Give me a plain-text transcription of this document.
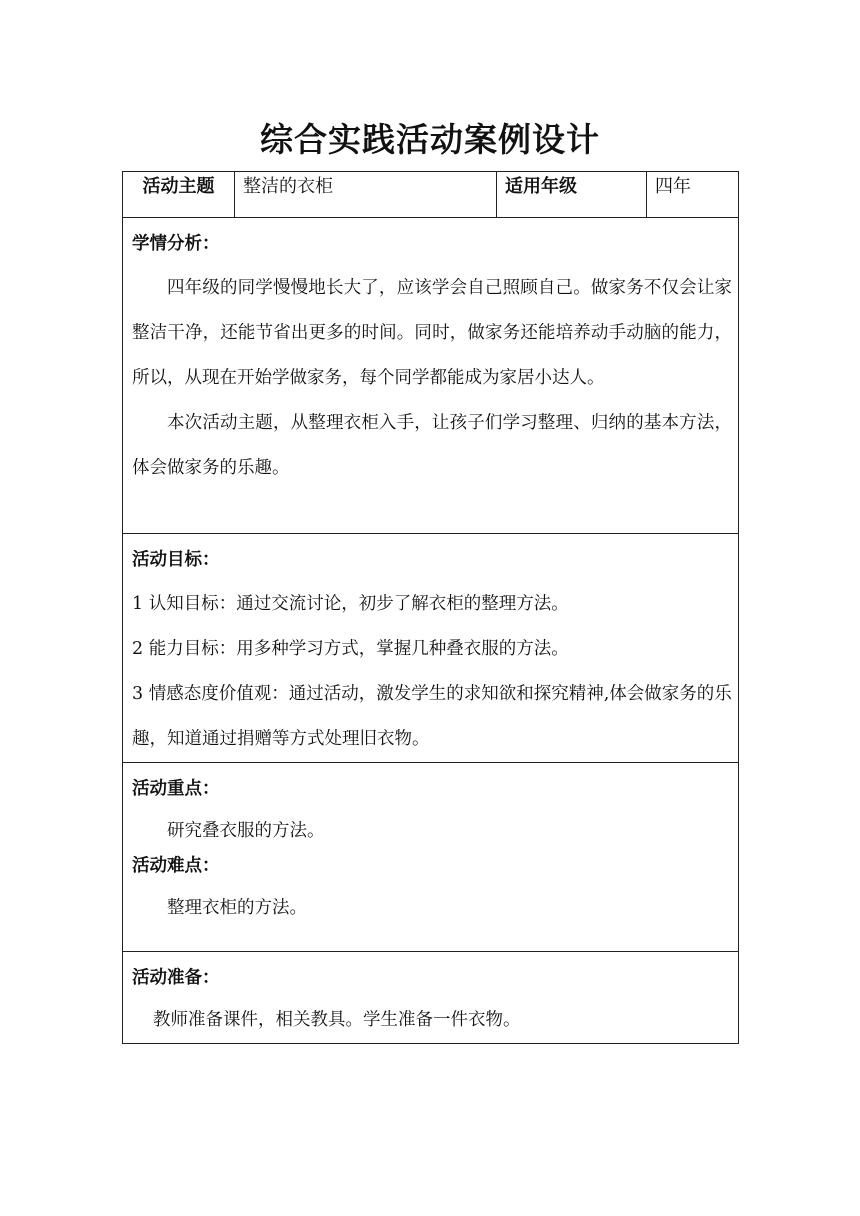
综合实践活动案例设计
活动主题	整洁的衣柜	适用年级	四年

学情分析：

四年级的同学慢慢地长大了，应该学会自己照顾自己。做家务不仅会让家整洁干净，还能节省出更多的时间。同时，做家务还能培养动手动脑的能力，所以，从现在开始学做家务，每个同学都能成为家居小达人。

本次活动主题，从整理衣柜入手，让孩子们学习整理、归纳的基本方法，体会做家务的乐趣。

活动目标：

1 认知目标：通过交流讨论，初步了解衣柜的整理方法。

2 能力目标：用多种学习方式，掌握几种叠衣服的方法。

3 情感态度价值观：通过活动，激发学生的求知欲和探究精神,体会做家务的乐趣，知道通过捐赠等方式处理旧衣物。

活动重点：

研究叠衣服的方法。

活动难点：

整理衣柜的方法。

活动准备：

教师准备课件，相关教具。学生准备一件衣物。
